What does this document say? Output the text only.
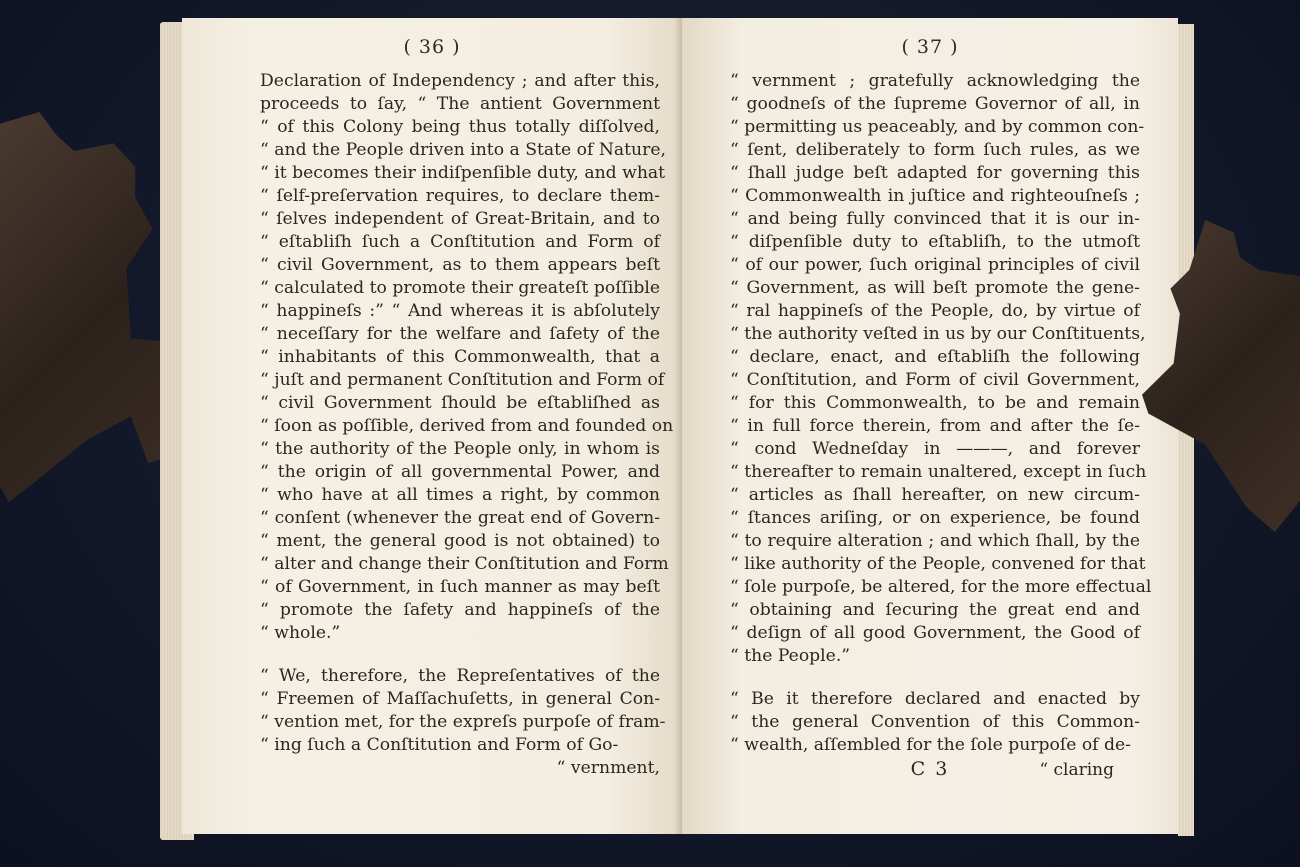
( 36 )
Declaration of Independency ; and after this,
proceeds to ſay, “ The antient Government
“ of this Colony being thus totally diſſolved,
“ and the People driven into a State of Nature,
“ it becomes their indiſpenſible duty, and what
“ ſelf-preſervation requires, to declare them-
“ ſelves independent of Great-Britain, and to
“ eſtabliſh ſuch a Conſtitution and Form of
“ civil Government, as to them appears beſt
“ calculated to promote their greateſt poſſible
“ happineſs :” “ And whereas it is abſolutely
“ neceſſary for the welfare and ſafety of the
“ inhabitants of this Commonwealth, that a
“ juſt and permanent Conſtitution and Form of
“ civil Government ſhould be eſtabliſhed as
“ ſoon as poſſible, derived from and founded on
“ the authority of the People only, in whom is
“ the origin of all governmental Power, and
“ who have at all times a right, by common
“ conſent (whenever the great end of Govern-
“ ment, the general good is not obtained) to
“ alter and change their Conſtitution and Form
“ of Government, in ſuch manner as may beſt
“ promote the ſafety and happineſs of the
“ whole.”
“ We, therefore, the Repreſentatives of the
“ Freemen of Maſſachuſetts, in general Con-
“ vention met, for the expreſs purpoſe of fram-
“ ing ſuch a Conſtitution and Form of Go-
“ vernment,
( 37 )
“ vernment ; gratefully acknowledging the
“ goodneſs of the ſupreme Governor of all, in
“ permitting us peaceably, and by common con-
“ ſent, deliberately to form ſuch rules, as we
“ ſhall judge beſt adapted for governing this
“ Commonwealth in juſtice and righteouſneſs ;
“ and being fully convinced that it is our in-
“ diſpenſible duty to eſtabliſh, to the utmoſt
“ of our power, ſuch original principles of civil
“ Government, as will beſt promote the gene-
“ ral happineſs of the People, do, by virtue of
“ the authority veſted in us by our Conſtituents,
“ declare, enact, and eſtabliſh the following
“ Conſtitution, and Form of civil Government,
“ for this Commonwealth, to be and remain
“ in full force therein, from and after the ſe-
“ cond Wedneſday in ———, and forever
“ thereafter to remain unaltered, except in ſuch
“ articles as ſhall hereafter, on new circum-
“ ſtances ariſing, or on experience, be found
“ to require alteration ; and which ſhall, by the
“ like authority of the People, convened for that
“ ſole purpoſe, be altered, for the more effectual
“ obtaining and ſecuring the great end and
“ deſign of all good Government, the Good of
“ the People.”
“ Be it therefore declared and enacted by
“ the general Convention of this Common-
“ wealth, aſſembled for the ſole purpoſe of de-
C 3	“ claring
